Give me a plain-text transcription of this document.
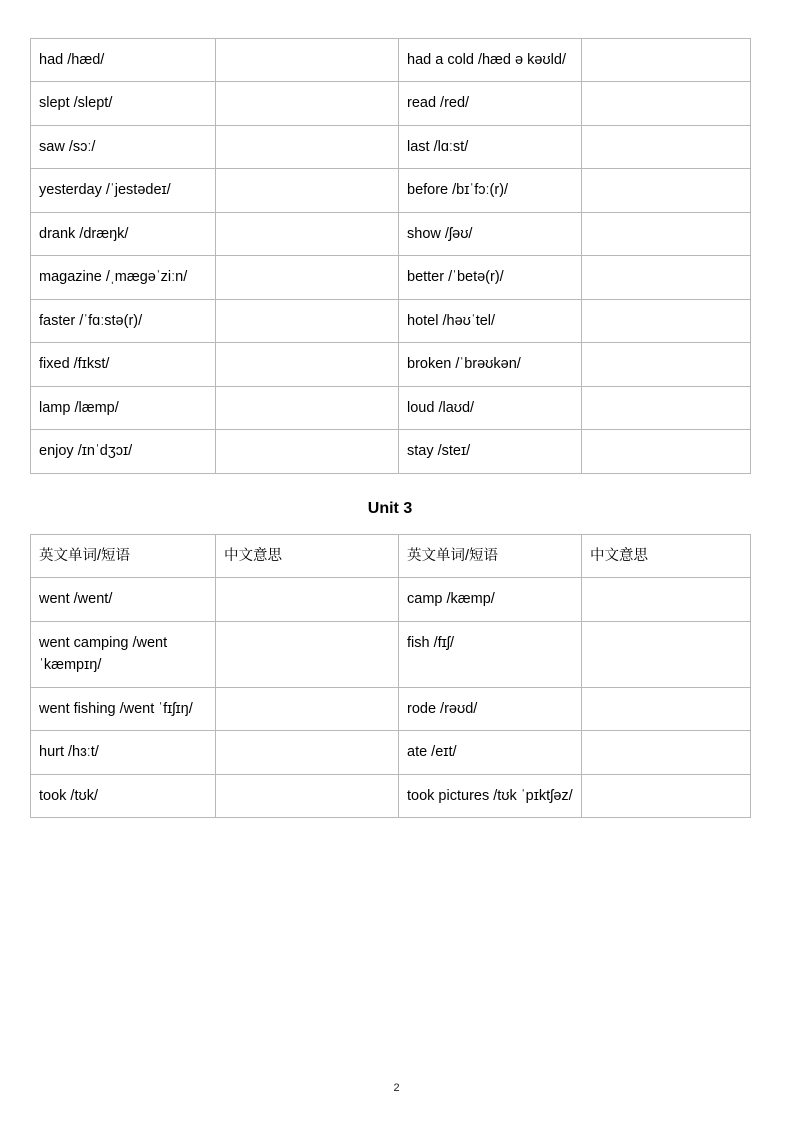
had /hæd/		had a cold /hæd ə kəʊld/	

slept /slept/		read /red/	

saw /sɔː/		last /lɑːst/	

yesterday /ˈjestədeɪ/		before /bɪˈfɔː(r)/	

drank /dræŋk/		show /ʃəʊ/	

magazine /ˌmæɡəˈziːn/		better /ˈbetə(r)/	

faster /ˈfɑːstə(r)/		hotel /həʊˈtel/	

fixed /fɪkst/		broken /ˈbrəʊkən/	

lamp /læmp/		loud /laʊd/	

enjoy /ɪnˈdʒɔɪ/		stay /steɪ/	

Unit 3
英文单词/短语	中文意思	英文单词/短语	中文意思

went /went/		camp /kæmp/	

went camping /went ˈkæmpɪŋ/		fish /fɪʃ/	

went fishing /went ˈfɪʃɪŋ/		rode /rəʊd/	

hurt /hɜːt/		ate /eɪt/	

took /tʊk/		took pictures /tʊk ˈpɪktʃəz/	

2
